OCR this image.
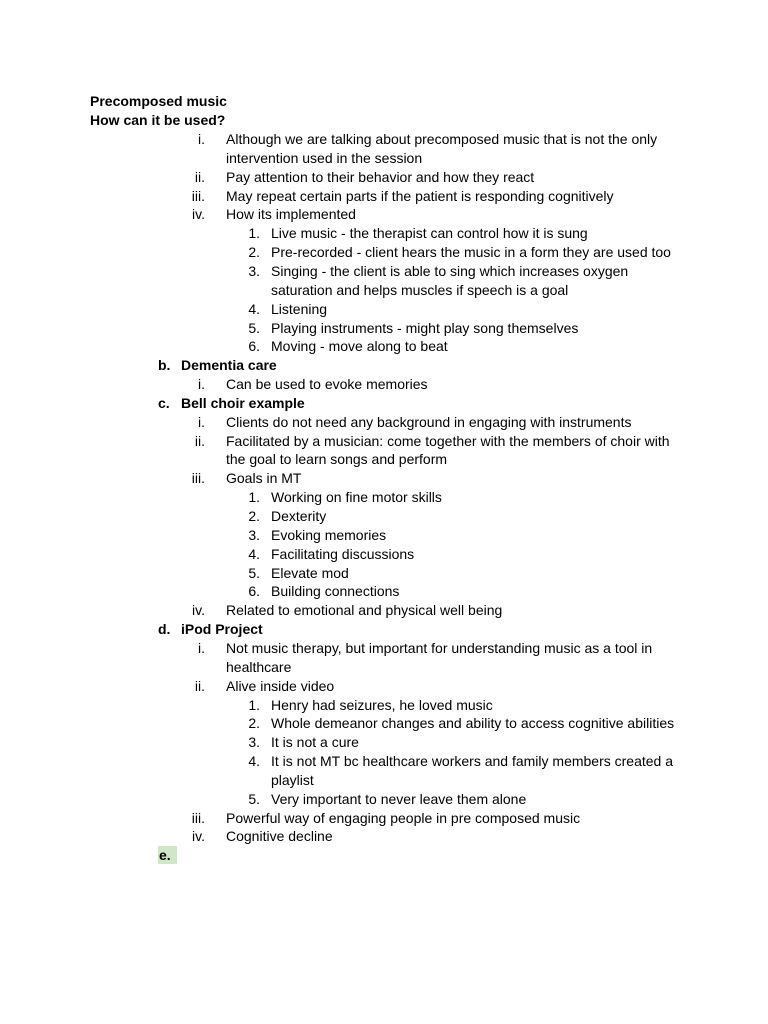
Precomposed music
How can it be used?
i. Although we are talking about precomposed music that is not the only
intervention used in the session
ii. Pay attention to their behavior and how they react
iii. May repeat certain parts if the patient is responding cognitively
iv. How its implemented
1. Live music - the therapist can control how it is sung
2. Pre-recorded - client hears the music in a form they are used too
3. Singing - the client is able to sing which increases oxygen
saturation and helps muscles if speech is a goal
4. Listening
5. Playing instruments - might play song themselves
6. Moving - move along to beat
b. Dementia care
i. Can be used to evoke memories
c. Bell choir example
i. Clients do not need any background in engaging with instruments
ii. Facilitated by a musician: come together with the members of choir with
the goal to learn songs and perform
iii. Goals in MT
1. Working on fine motor skills
2. Dexterity
3. Evoking memories
4. Facilitating discussions
5. Elevate mod
6. Building connections
iv. Related to emotional and physical well being
d. iPod Project
i. Not music therapy, but important for understanding music as a tool in
healthcare
ii. Alive inside video
1. Henry had seizures, he loved music
2. Whole demeanor changes and ability to access cognitive abilities
3. It is not a cure
4. It is not MT bc healthcare workers and family members created a
playlist
5. Very important to never leave them alone
iii. Powerful way of engaging people in pre composed music
iv. Cognitive decline
e.
